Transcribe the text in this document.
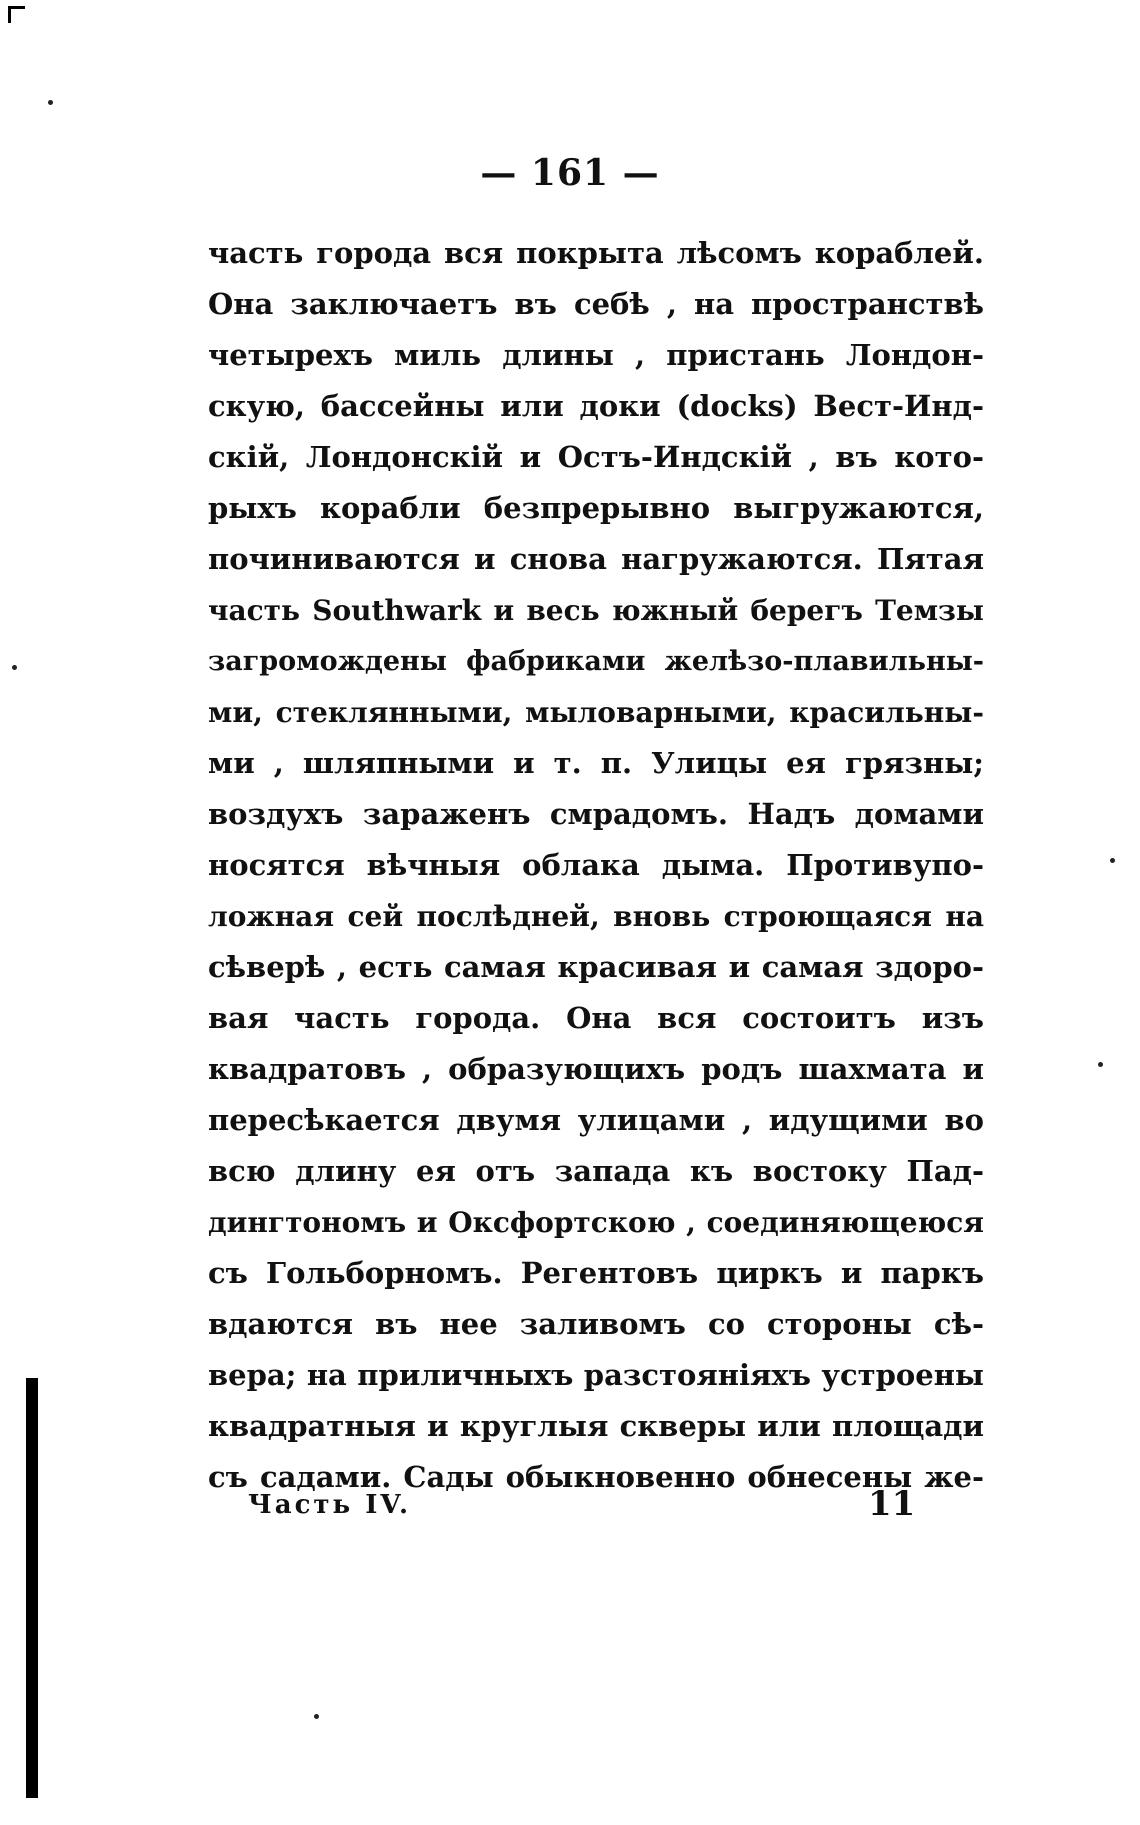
— 161 —
часть города вся покрыта лѣсомъ кораблей.
Она заключаетъ въ себѣ , на пространствѣ
четырехъ миль длины , пристань Лондон-
скую, бассейны или доки (docks) Вест-Инд-
скій, Лондонскій и Остъ-Индскій , въ кото-
рыхъ корабли безпрерывно выгружаются,
починиваются и снова нагружаются. Пятая
часть Southwark и весь южный берегъ Темзы
загромождены фабриками желѣзо-плавильны-
ми, стеклянными, мыловарными, красильны-
ми , шляпными и т. п. Улицы ея грязны;
воздухъ зараженъ смрадомъ. Надъ домами
носятся вѣчныя облака дыма. Противупо-
ложная сей послѣдней, вновь строющаяся на
сѣверѣ , есть самая красивая и самая здоро-
вая часть города. Она вся состоитъ изъ
квадратовъ , образующихъ родъ шахмата и
пересѣкается двумя улицами , идущими во
всю длину ея отъ запада къ востоку Пад-
дингтономъ и Оксфортскою , соединяющеюся
съ Гольборномъ. Регентовъ циркъ и паркъ
вдаются въ нее заливомъ со стороны сѣ-
вера; на приличныхъ разстояніяхъ устроены
квадратныя и круглыя скверы или площади
съ садами. Сады обыкновенно обнесены же-
Часть IV.	11
